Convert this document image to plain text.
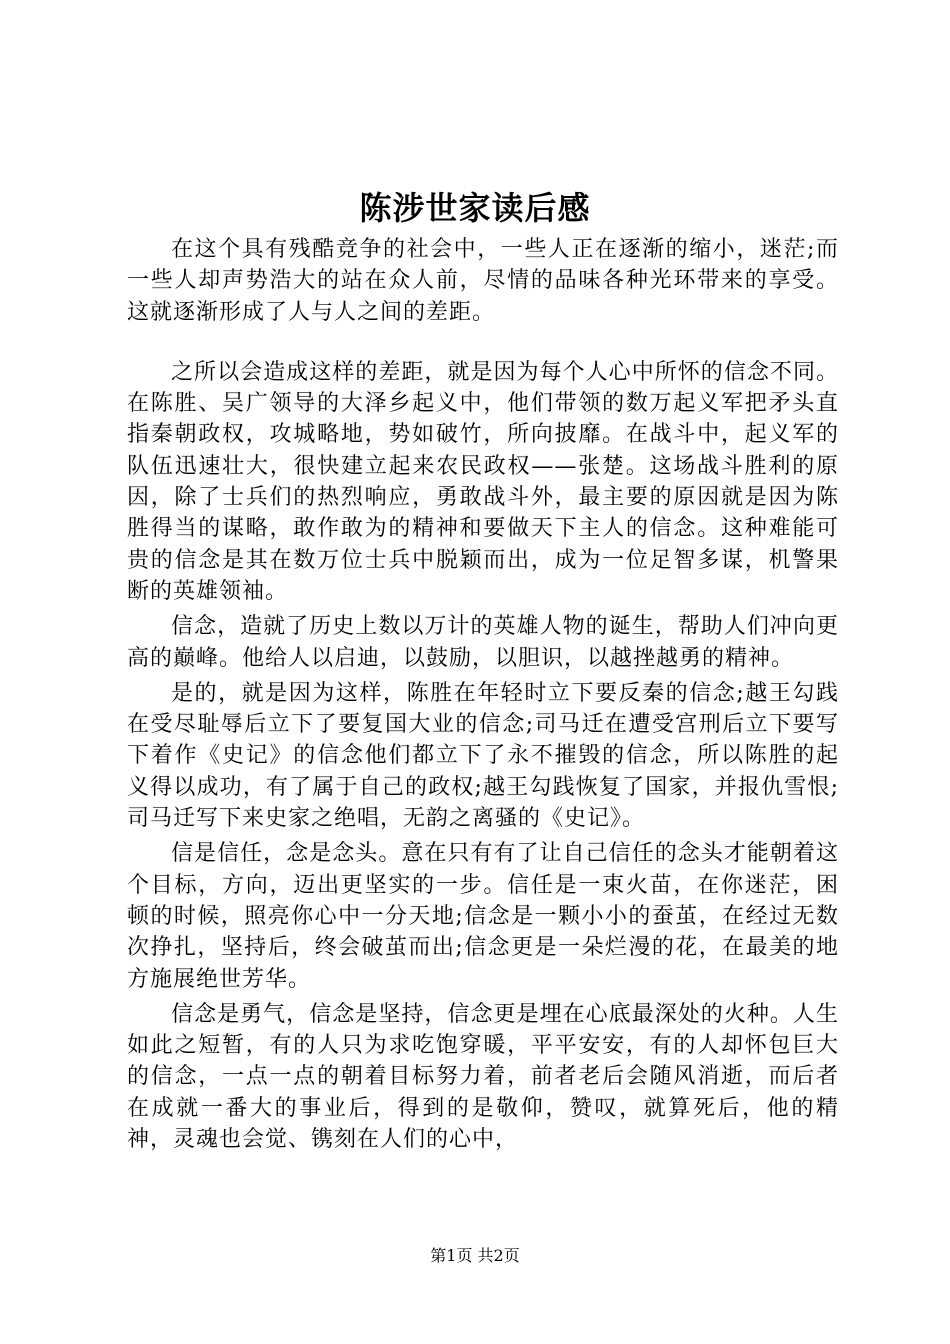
陈涉世家读后感

在这个具有残酷竞争的社会中，一些人正在逐渐的缩小，迷茫;而一些人却声势浩大的站在众人前，尽情的品味各种光环带来的享受。这就逐渐形成了人与人之间的差距。

之所以会造成这样的差距，就是因为每个人心中所怀的信念不同。在陈胜、吴广领导的大泽乡起义中，他们带领的数万起义军把矛头直指秦朝政权，攻城略地，势如破竹，所向披靡。在战斗中，起义军的队伍迅速壮大，很快建立起来农民政权——张楚。这场战斗胜利的原因，除了士兵们的热烈响应，勇敢战斗外，最主要的原因就是因为陈胜得当的谋略，敢作敢为的精神和要做天下主人的信念。这种难能可贵的信念是其在数万位士兵中脱颖而出，成为一位足智多谋，机警果断的英雄领袖。

信念，造就了历史上数以万计的英雄人物的诞生，帮助人们冲向更高的巅峰。他给人以启迪，以鼓励，以胆识，以越挫越勇的精神。

是的，就是因为这样，陈胜在年轻时立下要反秦的信念;越王勾践在受尽耻辱后立下了要复国大业的信念;司马迁在遭受宫刑后立下要写下着作《史记》的信念他们都立下了永不摧毁的信念，所以陈胜的起义得以成功，有了属于自己的政权;越王勾践恢复了国家，并报仇雪恨;司马迁写下来史家之绝唱，无韵之离骚的《史记》。

信是信任，念是念头。意在只有有了让自己信任的念头才能朝着这个目标，方向，迈出更坚实的一步。信任是一束火苗，在你迷茫，困顿的时候，照亮你心中一分天地;信念是一颗小小的蚕茧，在经过无数次挣扎，坚持后，终会破茧而出;信念更是一朵烂漫的花，在最美的地方施展绝世芳华。

信念是勇气，信念是坚持，信念更是埋在心底最深处的火种。人生如此之短暂，有的人只为求吃饱穿暖，平平安安，有的人却怀包巨大的信念，一点一点的朝着目标努力着，前者老后会随风消逝，而后者在成就一番大的事业后，得到的是敬仰，赞叹，就算死后，他的精神，灵魂也会觉、镌刻在人们的心中，

第1页 共2页
